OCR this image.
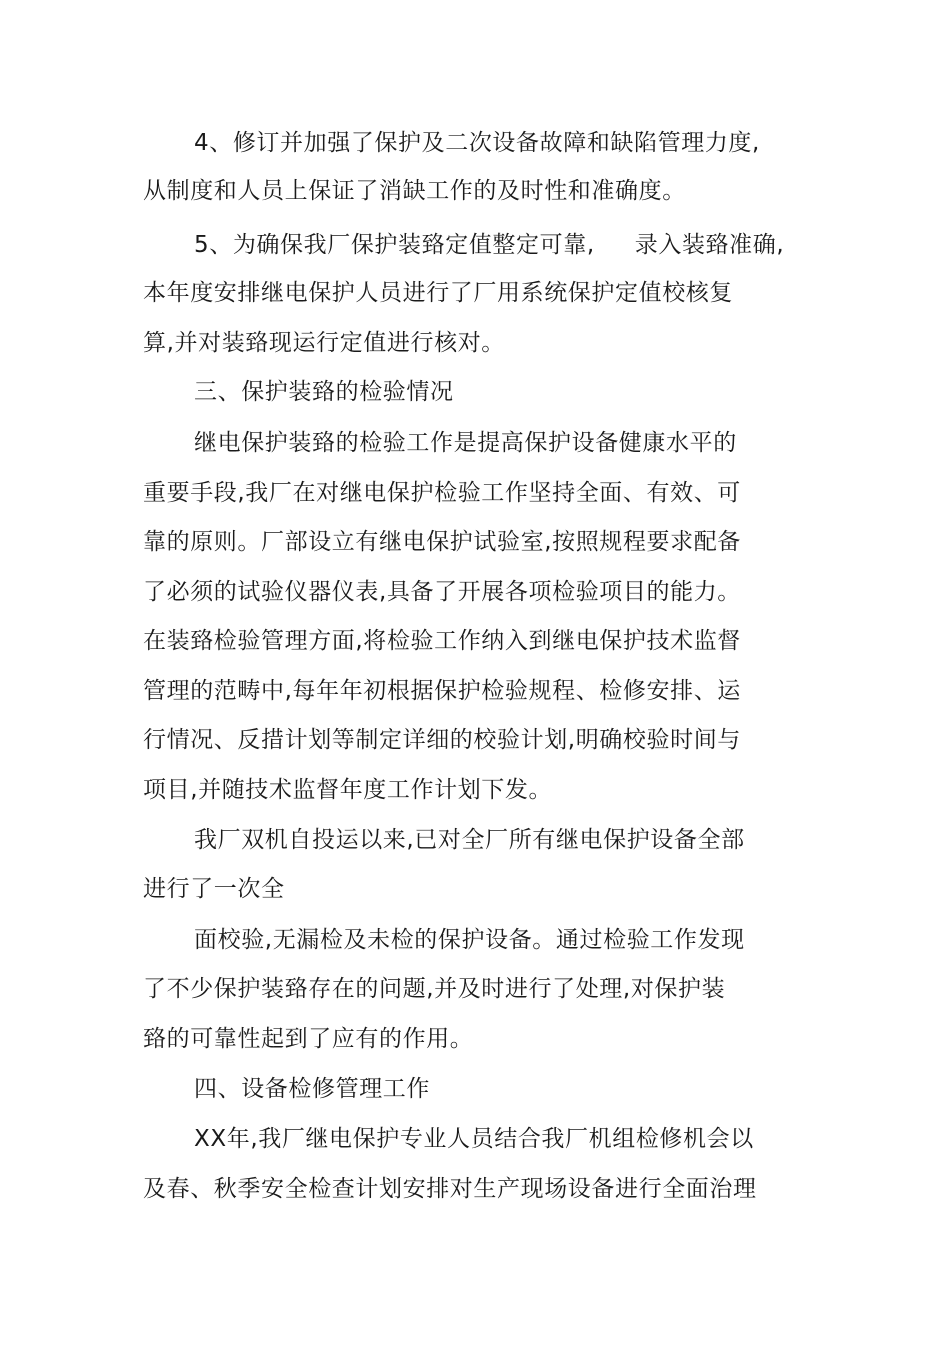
4、修订并加强了保护及二次设备故障和缺陷管理力度,
从制度和人员上保证了消缺工作的及时性和准确度。
5、为确保我厂保护装臵定值整定可靠, 录入装臵准确,
本年度安排继电保护人员进行了厂用系统保护定值校核复
算,并对装臵现运行定值进行核对。
三、保护装臵的检验情况
继电保护装臵的检验工作是提高保护设备健康水平的
重要手段,我厂在对继电保护检验工作坚持全面、有效、可
靠的原则。厂部设立有继电保护试验室,按照规程要求配备
了必须的试验仪器仪表,具备了开展各项检验项目的能力。
在装臵检验管理方面,将检验工作纳入到继电保护技术监督
管理的范畴中,每年年初根据保护检验规程、检修安排、运
行情况、反措计划等制定详细的校验计划,明确校验时间与
项目,并随技术监督年度工作计划下发。
我厂双机自投运以来,已对全厂所有继电保护设备全部
进行了一次全
面校验,无漏检及未检的保护设备。通过检验工作发现
了不少保护装臵存在的问题,并及时进行了处理,对保护装
臵的可靠性起到了应有的作用。
四、设备检修管理工作
XX年,我厂继电保护专业人员结合我厂机组检修机会以
及春、秋季安全检查计划安排对生产现场设备进行全面治理
